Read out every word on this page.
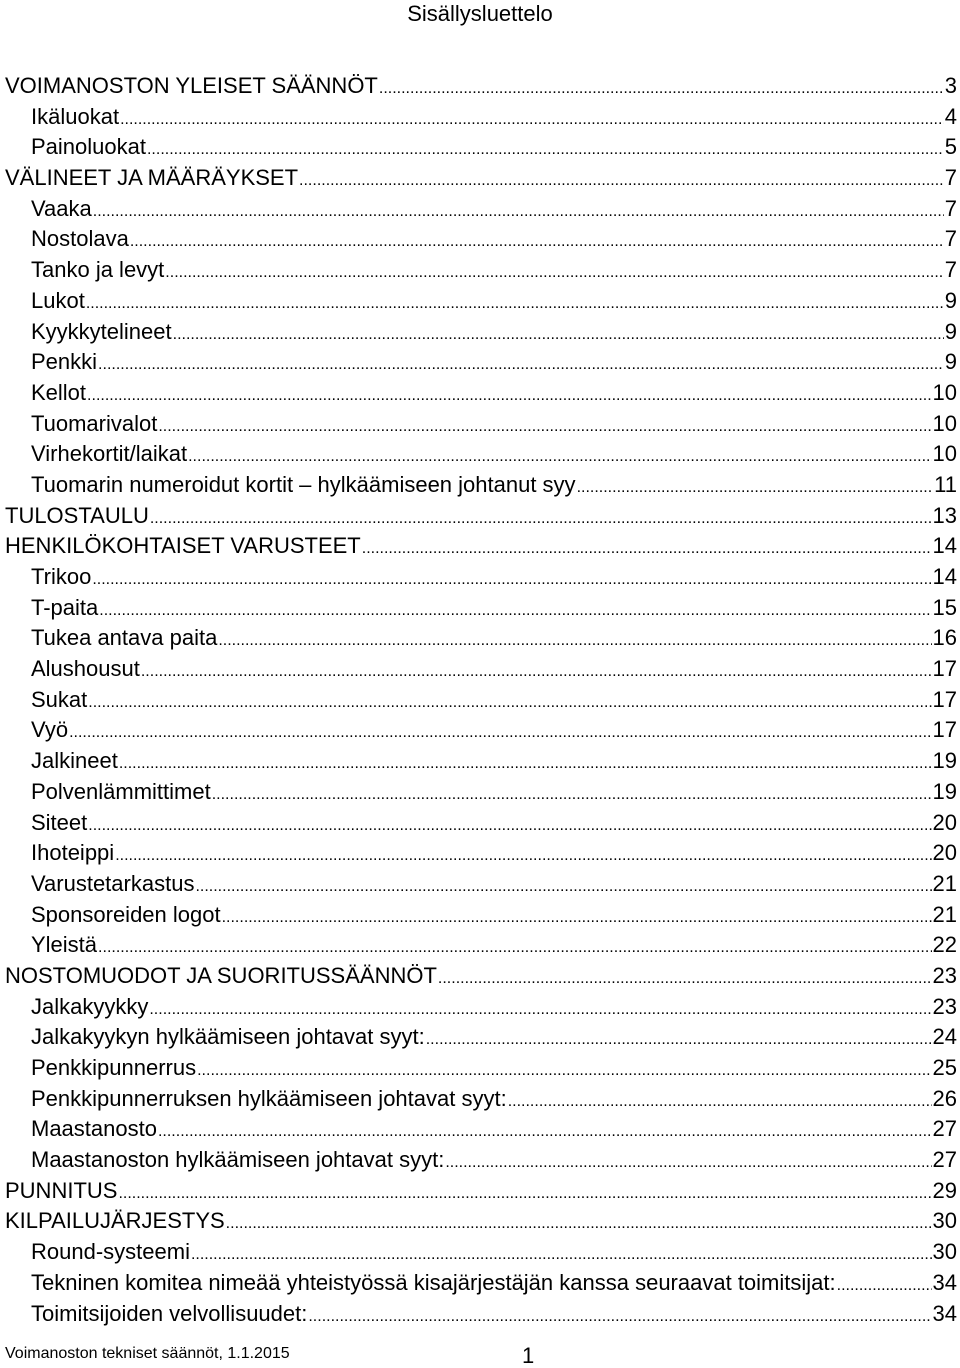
Sisällysluettelo
VOIMANOSTON YLEISET SÄÄNNÖT .....	3
Ikäluokat .....	4
Painoluokat .....	5
VÄLINEET JA MÄÄRÄYKSET .....	7
Vaaka .....	7
Nostolava .....	7
Tanko ja levyt .....	7
Lukot .....	9
Kyykkytelineet .....	9
Penkki .....	9
Kellot .....	10
Tuomarivalot .....	10
Virhekortit/laikat .....	10
Tuomarin numeroidut kortit – hylkäämiseen johtanut syy .....	11
TULOSTAULU .....	13
HENKILÖKOHTAISET VARUSTEET .....	14
Trikoo .....	14
T-paita .....	15
Tukea antava paita .....	16
Alushousut .....	17
Sukat .....	17
Vyö .....	17
Jalkineet .....	19
Polvenlämmittimet .....	19
Siteet .....	20
Ihoteippi .....	20
Varustetarkastus .....	21
Sponsoreiden logot .....	21
Yleistä .....	22
NOSTOMUODOT JA SUORITUSSÄÄNNÖT .....	23
Jalkakyykky .....	23
Jalkakyykyn hylkäämiseen johtavat syyt: .....	24
Penkkipunnerrus .....	25
Penkkipunnerruksen hylkäämiseen johtavat syyt: .....	26
Maastanosto .....	27
Maastanoston hylkäämiseen johtavat syyt: .....	27
PUNNITUS .....	29
KILPAILUJÄRJESTYS .....	30
Round-systeemi .....	30
Tekninen komitea nimeää yhteistyössä kisajärjestäjän kanssa seuraavat toimitsijat: .....	34
Toimitsijoiden velvollisuudet: .....	34
Voimanoston tekniset säännöt, 1.1.2015	1
